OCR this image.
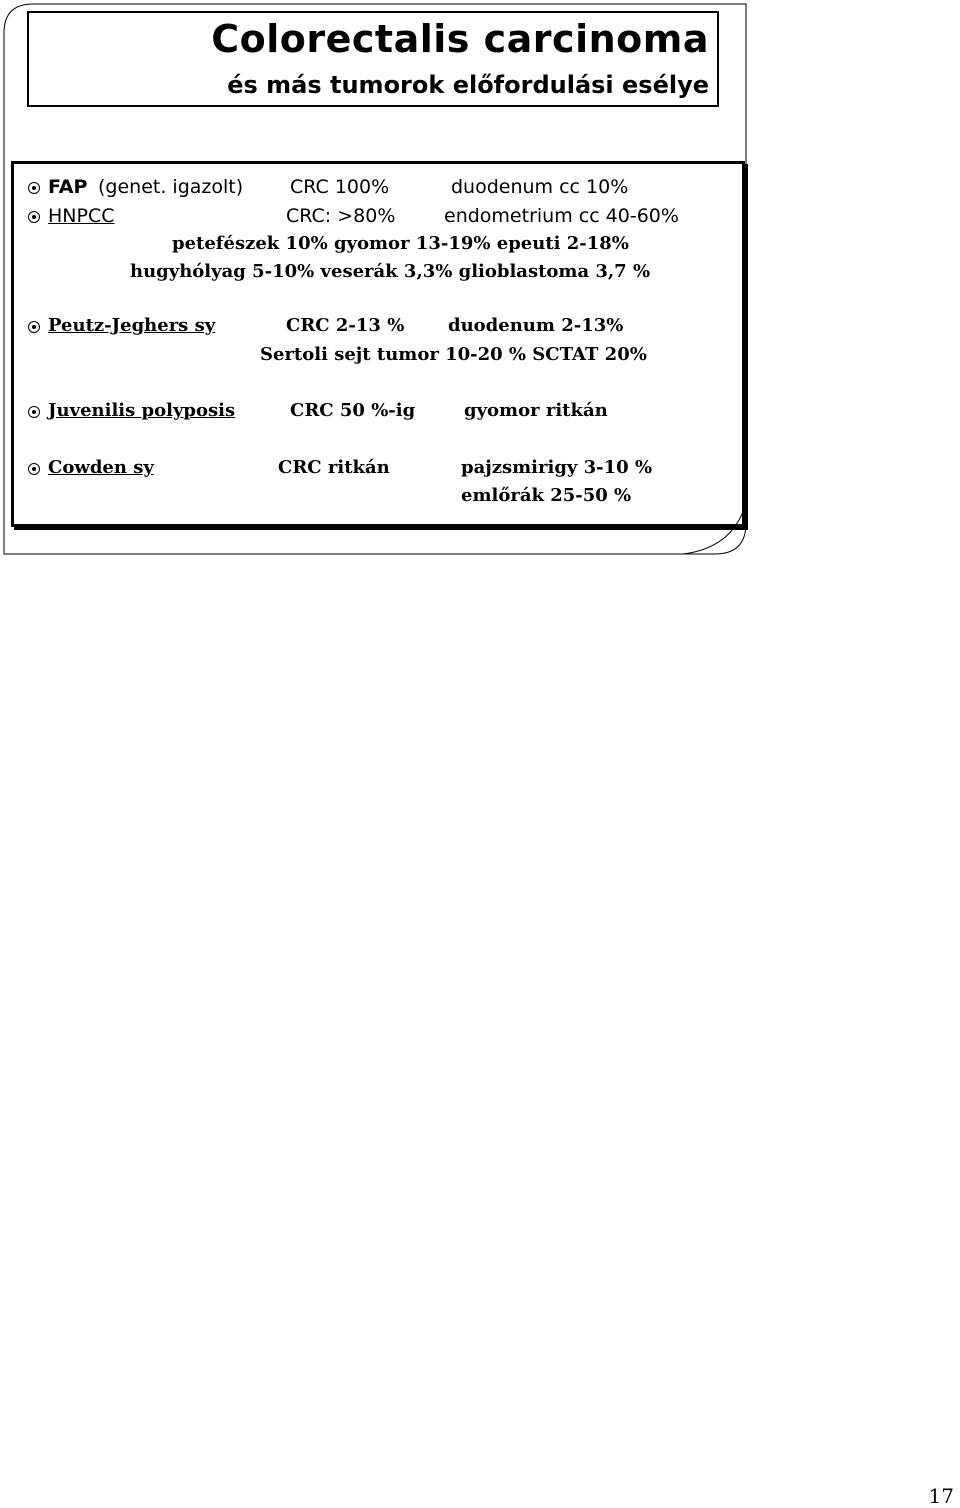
Colorectalis carcinoma
és más tumorok előfordulási esélye
FAP (genet. igazolt) CRC 100%	duodenum cc 10%
HNPCC	CRC: >80%	endometrium cc 40-60%
petefészek 10% gyomor 13-19% epeuti 2-18%
hugyhólyag 5-10% veserák 3,3% glioblastoma 3,7 %
Peutz-Jeghers sy	CRC 2-13 % duodenum 2-13%
Sertoli sejt tumor 10-20 % SCTAT 20%
Juvenilis polyposis	CRC 50 %-ig	gyomor ritkán
Cowden sy	CRC ritkán	pajzsmirigy 3-10 %
emlőrák 25-50 %
17
